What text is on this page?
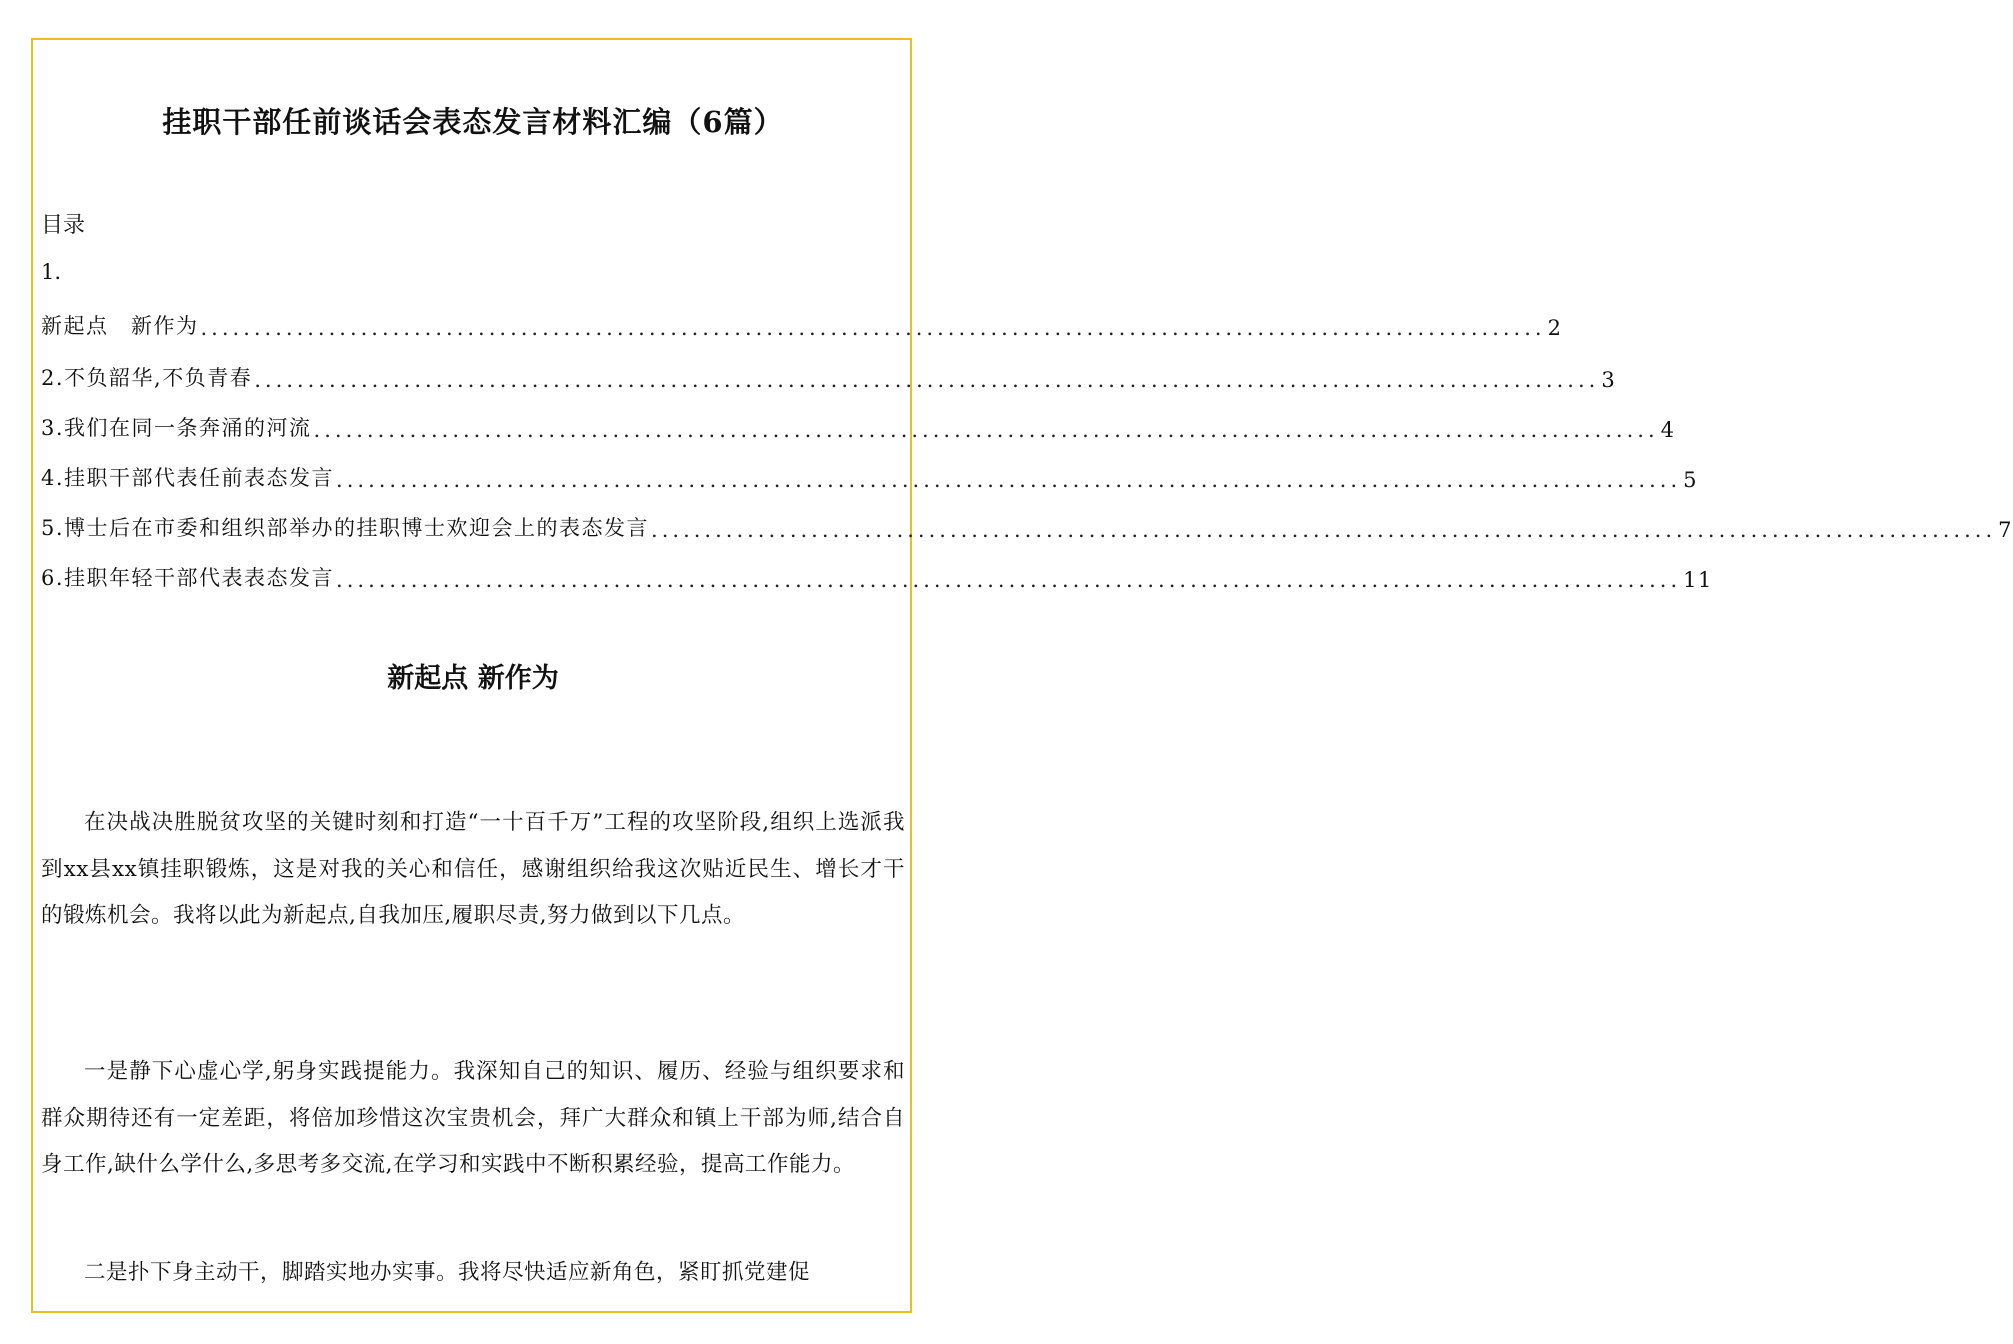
挂职干部任前谈话会表态发言材料汇编（6篇）
目录
1.
新起点　新作为 .............................................................................................................................. 2
2.不负韶华,不负青春 .............................................................................................................................. 3
3.我们在同一条奔涌的河流 .............................................................................................................................. 4
4.挂职干部代表任前表态发言 .............................................................................................................................. 5
5.博士后在市委和组织部举办的挂职博士欢迎会上的表态发言 .............................................................................................................................. 7
6.挂职年轻干部代表表态发言 .............................................................................................................................. 11
新起点 新作为

在决战决胜脱贫攻坚的关键时刻和打造“一十百千万”工程的攻坚阶段,组织上选派我到xx县xx镇挂职锻炼，这是对我的关心和信任，感谢组织给我这次贴近民生、增长才干的锻炼机会。我将以此为新起点,自我加压,履职尽责,努力做到以下几点。

一是静下心虚心学,躬身实践提能力。我深知自己的知识、履历、经验与组织要求和群众期待还有一定差距，将倍加珍惜这次宝贵机会，拜广大群众和镇上干部为师,结合自身工作,缺什么学什么,多思考多交流,在学习和实践中不断积累经验，提高工作能力。

二是扑下身主动干，脚踏实地办实事。我将尽快适应新角色，紧盯抓党建促
